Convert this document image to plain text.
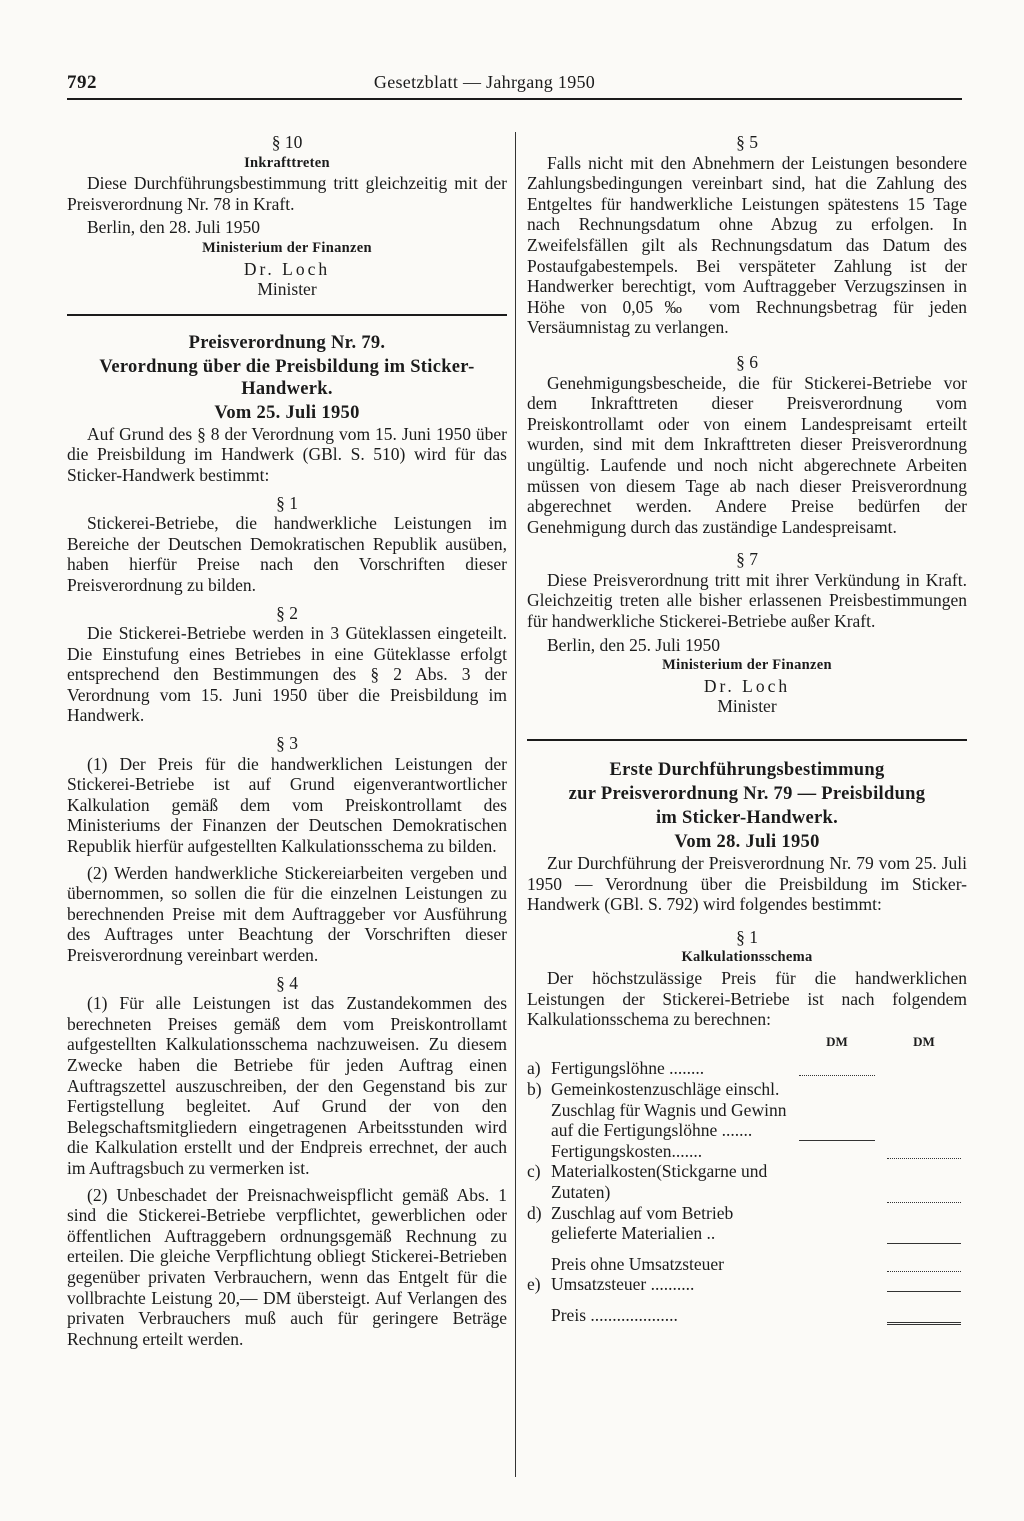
792	Gesetzblatt — Jahrgang 1950
§ 10
Inkrafttreten

Diese Durchführungsbestimmung tritt gleichzeitig mit der Preisverordnung Nr. 78 in Kraft.

Berlin, den 28. Juli 1950

Ministerium der Finanzen
Dr. Loch
Minister
Preisverordnung Nr. 79.
Verordnung über die Preisbildung im Sticker-Handwerk.
Vom 25. Juli 1950

Auf Grund des § 8 der Verordnung vom 15. Juni 1950 über die Preisbildung im Handwerk (GBl. S. 510) wird für das Sticker-Handwerk bestimmt:

§ 1

Stickerei-Betriebe, die handwerkliche Leistungen im Bereiche der Deutschen Demokratischen Republik ausüben, haben hierfür Preise nach den Vorschriften dieser Preisverordnung zu bilden.

§ 2

Die Stickerei-Betriebe werden in 3 Güteklassen eingeteilt. Die Einstufung eines Betriebes in eine Güteklasse erfolgt entsprechend den Bestimmungen des § 2 Abs. 3 der Verordnung vom 15. Juni 1950 über die Preisbildung im Handwerk.

§ 3

(1) Der Preis für die handwerklichen Leistungen der Stickerei-Betriebe ist auf Grund eigenverantwortlicher Kalkulation gemäß dem vom Preiskontrollamt des Ministeriums der Finanzen der Deutschen Demokratischen Republik hierfür aufgestellten Kalkulationsschema zu bilden.

(2) Werden handwerkliche Stickereiarbeiten vergeben und übernommen, so sollen die für die einzelnen Leistungen zu berechnenden Preise mit dem Auftraggeber vor Ausführung des Auftrages unter Beachtung der Vorschriften dieser Preisverordnung vereinbart werden.

§ 4

(1) Für alle Leistungen ist das Zustandekommen des berechneten Preises gemäß dem vom Preiskontrollamt aufgestellten Kalkulationsschema nachzuweisen. Zu diesem Zwecke haben die Betriebe für jeden Auftrag einen Auftragszettel auszuschreiben, der den Gegenstand bis zur Fertigstellung begleitet. Auf Grund der von den Belegschaftsmitgliedern eingetragenen Arbeitsstunden wird die Kalkulation erstellt und der Endpreis errechnet, der auch im Auftragsbuch zu vermerken ist.

(2) Unbeschadet der Preisnachweispflicht gemäß Abs. 1 sind die Stickerei-Betriebe verpflichtet, gewerblichen oder öffentlichen Auftraggebern ordnungsgemäß Rechnung zu erteilen. Die gleiche Verpflichtung obliegt Stickerei-Betrieben gegenüber privaten Verbrauchern, wenn das Entgelt für die vollbrachte Leistung 20,— DM übersteigt. Auf Verlangen des privaten Verbrauchers muß auch für geringere Beträge Rechnung erteilt werden.

§ 5

Falls nicht mit den Abnehmern der Leistungen besondere Zahlungsbedingungen vereinbart sind, hat die Zahlung des Entgeltes für handwerkliche Leistungen spätestens 15 Tage nach Rechnungsdatum ohne Abzug zu erfolgen. In Zweifelsfällen gilt als Rechnungsdatum das Datum des Postaufgabestempels. Bei verspäteter Zahlung ist der Handwerker berechtigt, vom Auftraggeber Verzugszinsen in Höhe von 0,05‰ vom Rechnungsbetrag für jeden Versäumnistag zu verlangen.

§ 6

Genehmigungsbescheide, die für Stickerei-Betriebe vor dem Inkrafttreten dieser Preisverordnung vom Preiskontrollamt oder von einem Landespreisamt erteilt wurden, sind mit dem Inkrafttreten dieser Preisverordnung ungültig. Laufende und noch nicht abgerechnete Arbeiten müssen von diesem Tage ab nach dieser Preisverordnung abgerechnet werden. Andere Preise bedürfen der Genehmigung durch das zuständige Landespreisamt.

§ 7

Diese Preisverordnung tritt mit ihrer Verkündung in Kraft. Gleichzeitig treten alle bisher erlassenen Preisbestimmungen für handwerkliche Stickerei-Betriebe außer Kraft.

Berlin, den 25. Juli 1950

Ministerium der Finanzen
Dr. Loch
Minister
Erste Durchführungsbestimmung
zur Preisverordnung Nr. 79 — Preisbildung
im Sticker-Handwerk.
Vom 28. Juli 1950

Zur Durchführung der Preisverordnung Nr. 79 vom 25. Juli 1950 — Verordnung über die Preisbildung im Sticker-Handwerk (GBl. S. 792) wird folgendes bestimmt:

§ 1
Kalkulationsschema

Der höchstzulässige Preis für die handwerklichen Leistungen der Stickerei-Betriebe ist nach folgendem Kalkulationsschema zu berechnen:

		DM	DM

a)	Fertigungslöhne ........	

b)	Gemeinkostenzuschläge einschl. Zuschlag für Wagnis und Gewinn auf die Fertigungslöhne .......	

	Fertigungskosten.......		

c)	Materialkosten(Stickgarne und Zutaten)		

d)	Zuschlag auf vom Betrieb gelieferte Materialien ..		

	Preis ohne Umsatzsteuer		

e)	Umsatzsteuer ..........		

	Preis ....................		
